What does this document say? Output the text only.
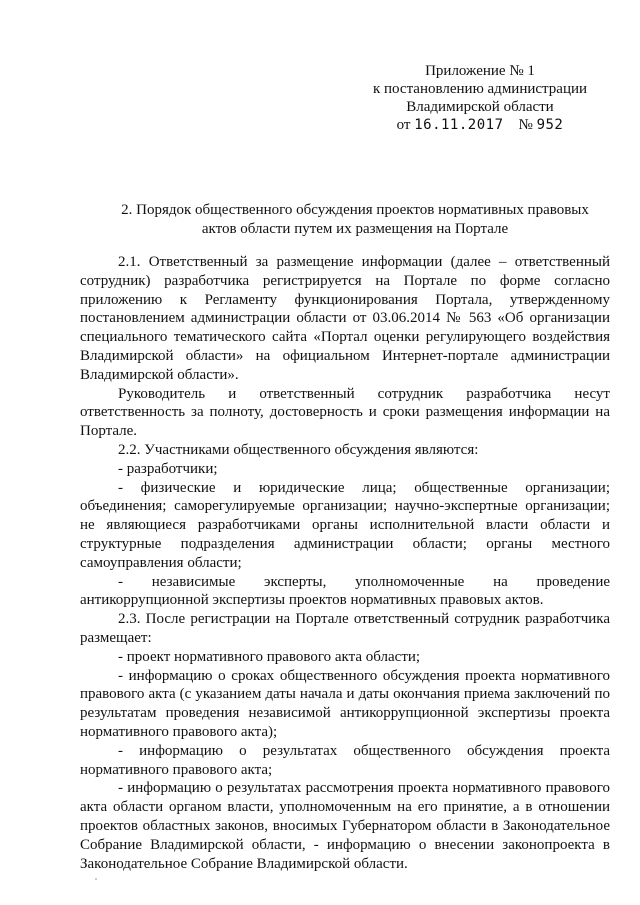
Приложение № 1
к постановлению администрации
Владимирской области
от 16.11.2017 № 952
2. Порядок общественного обсуждения проектов нормативных правовых
актов области путем их размещения на Портале

2.1. Ответственный за размещение информации (далее – ответственный сотрудник) разработчика регистрируется на Портале по форме согласно приложению к Регламенту функционирования Портала, утвержденному постановлением администрации области от 03.06.2014 № 563 «Об организации специального тематического сайта «Портал оценки регулирующего воздействия Владимирской области» на официальном Интернет-портале администрации Владимирской области».

Руководитель и ответственный сотрудник разработчика несут ответственность за полноту, достоверность и сроки размещения информации на Портале.

2.2. Участниками общественного обсуждения являются:

- разработчики;

- физические и юридические лица; общественные организации; объединения; саморегулируемые организации; научно-экспертные организации; не являющиеся разработчиками органы исполнительной власти области и структурные подразделения администрации области; органы местного самоуправления области;

- независимые эксперты, уполномоченные на проведение антикоррупционной экспертизы проектов нормативных правовых актов.

2.3. После регистрации на Портале ответственный сотрудник разработчика размещает:

- проект нормативного правового акта области;

- информацию о сроках общественного обсуждения проекта нормативного правового акта (с указанием даты начала и даты окончания приема заключений по результатам проведения независимой антикоррупционной экспертизы проекта нормативного правового акта);

- информацию о результатах общественного обсуждения проекта нормативного правового акта;

- информацию о результатах рассмотрения проекта нормативного правового акта области органом власти, уполномоченным на его принятие, а в отношении проектов областных законов, вносимых Губернатором области в Законодательное Собрание Владимирской области, - информацию о внесении законопроекта в Законодательное Собрание Владимирской области.
